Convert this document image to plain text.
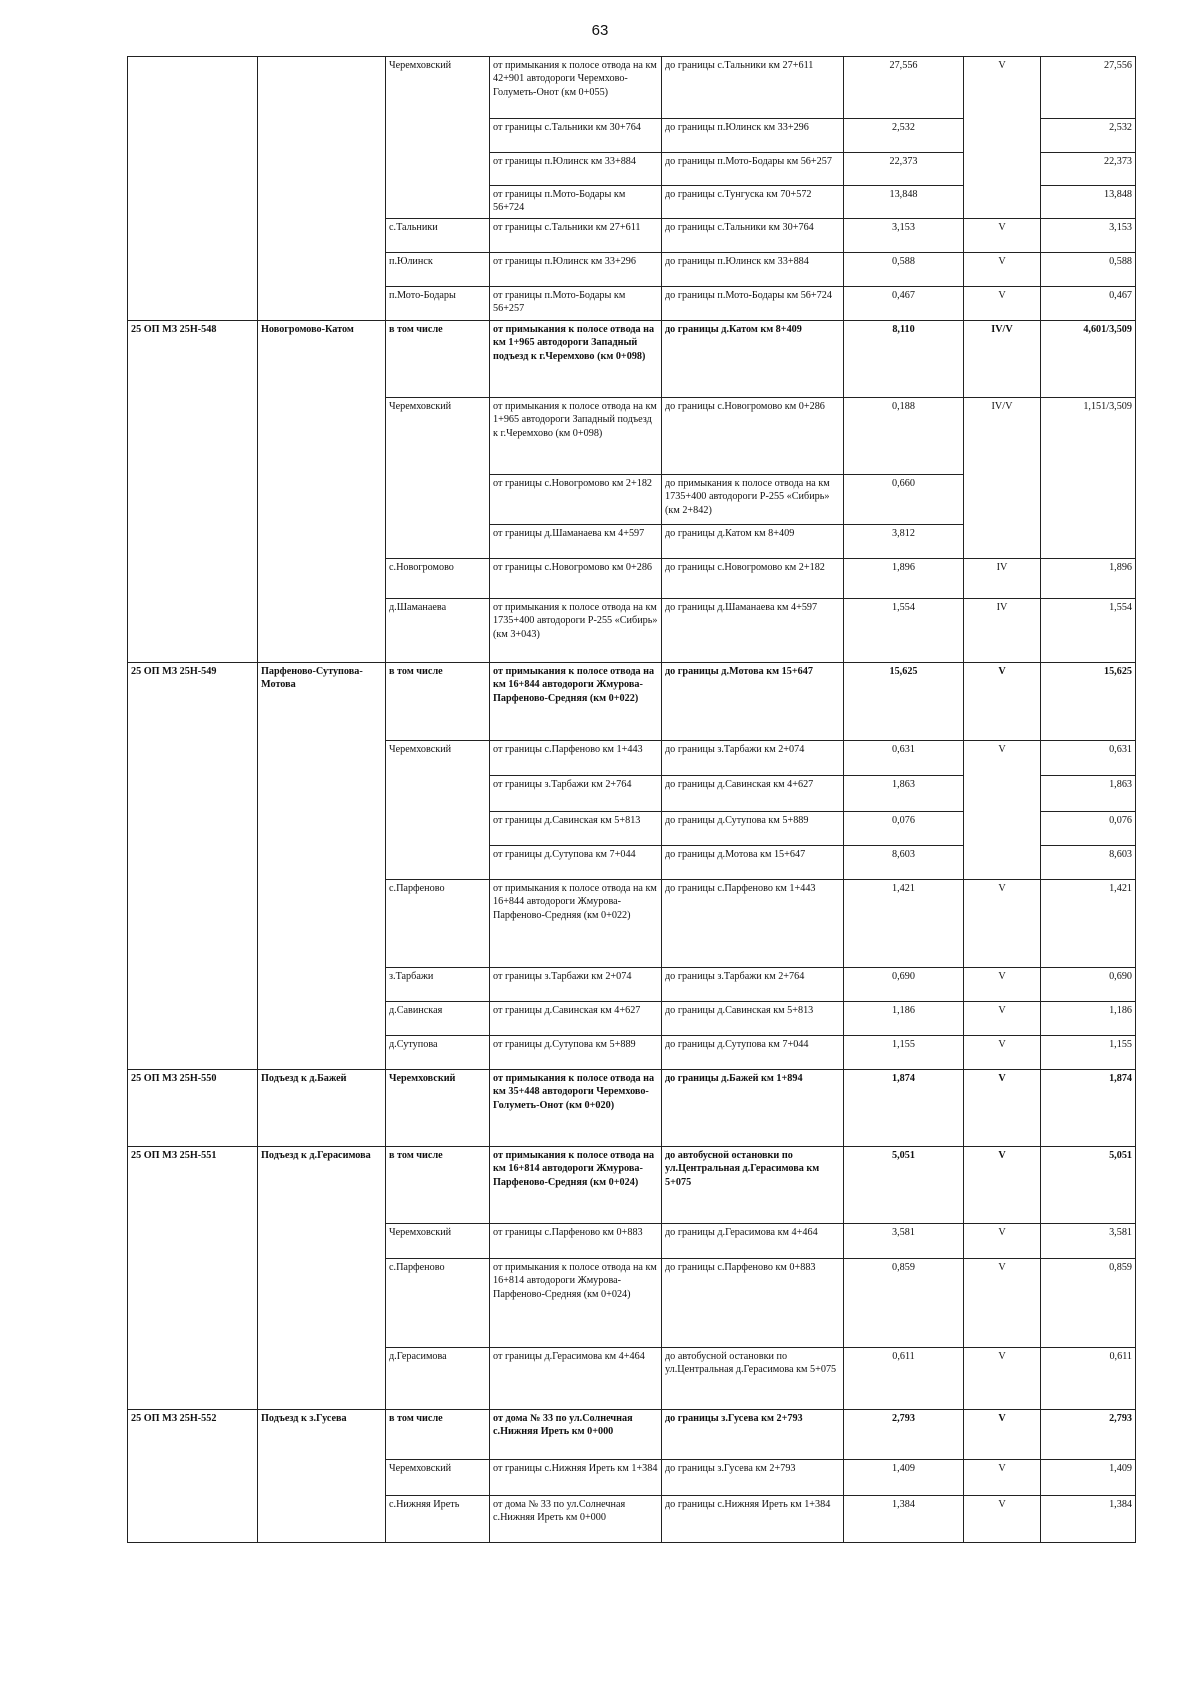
63
		Черемховский	от примыкания к полосе отвода на км 42+901 автодороги Черемхово-Голуметь-Онот (км 0+055)	до границы с.Тальники км 27+611	27,556	V	27,556
			от границы с.Тальники км 30+764	до границы п.Юлинск км 33+296	2,532		2,532
			от границы п.Юлинск км 33+884	до границы п.Мото-Бодары км 56+257	22,373		22,373
			от границы п.Мото-Бодары км 56+724	до границы с.Тунгуска км 70+572	13,848		13,848
		с.Тальники	от границы с.Тальники км 27+611	до границы с.Тальники км 30+764	3,153	V	3,153
		п.Юлинск	от границы п.Юлинск км 33+296	до границы п.Юлинск км 33+884	0,588	V	0,588
		п.Мото-Бодары	от границы п.Мото-Бодары км 56+257	до границы п.Мото-Бодары км 56+724	0,467	V	0,467
25 ОП МЗ 25Н-548	Новогромово-Катом	в том числе	от примыкания к полосе отвода на км 1+965 автодороги Западный подъезд к г.Черемхово (км 0+098)	до границы д.Катом км 8+409	8,110	IV/V	4,601/3,509
		Черемховский	от примыкания к полосе отвода на км 1+965 автодороги Западный подъезд к г.Черемхово (км 0+098)	до границы с.Новогромово км 0+286	0,188	IV/V	1,151/3,509
			от границы с.Новогромово км 2+182	до примыкания к полосе отвода на км 1735+400 автодороги Р-255 «Сибирь» (км 2+842)	0,660		
			от границы д.Шаманаева км 4+597	до границы д.Катом км 8+409	3,812		
		с.Новогромово	от границы с.Новогромово км 0+286	до границы с.Новогромово км 2+182	1,896	IV	1,896
		д.Шаманаева	от примыкания к полосе отвода на км 1735+400 автодороги Р-255 «Сибирь» (км 3+043)	до границы д.Шаманаева км 4+597	1,554	IV	1,554
25 ОП МЗ 25Н-549	Парфеново-Сутупова-Мотова	в том числе	от примыкания к полосе отвода на км 16+844 автодороги Жмурова-Парфеново-Средняя (км 0+022)	до границы д.Мотова км 15+647	15,625	V	15,625
		Черемховский	от границы с.Парфеново км 1+443	до границы з.Тарбажи км 2+074	0,631	V	0,631
			от границы з.Тарбажи км 2+764	до границы д.Савинская км 4+627	1,863		1,863
			от границы д.Савинская км 5+813	до границы д.Сутупова км 5+889	0,076		0,076
			от границы д.Сутупова км 7+044	до границы д.Мотова км 15+647	8,603		8,603
		с.Парфеново	от примыкания к полосе отвода на км 16+844 автодороги Жмурова-Парфеново-Средняя (км 0+022)	до границы с.Парфеново км 1+443	1,421	V	1,421
		з.Тарбажи	от границы з.Тарбажи км 2+074	до границы з.Тарбажи км 2+764	0,690	V	0,690
		д.Савинская	от границы д.Савинская км 4+627	до границы д.Савинская км 5+813	1,186	V	1,186
		д.Сутупова	от границы д.Сутупова км 5+889	до границы д.Сутупова км 7+044	1,155	V	1,155
25 ОП МЗ 25Н-550	Подъезд к д.Бажей	Черемховский	от примыкания к полосе отвода на км 35+448 автодороги Черемхово-Голуметь-Онот (км 0+020)	до границы д.Бажей км 1+894	1,874	V	1,874
25 ОП МЗ 25Н-551	Подъезд к д.Герасимова	в том числе	от примыкания к полосе отвода на км 16+814 автодороги Жмурова-Парфеново-Средняя (км 0+024)	до автобусной остановки по ул.Центральная д.Герасимова км 5+075	5,051	V	5,051
		Черемховский	от границы с.Парфеново км 0+883	до границы д.Герасимова км 4+464	3,581	V	3,581
		с.Парфеново	от примыкания к полосе отвода на км 16+814 автодороги Жмурова-Парфеново-Средняя (км 0+024)	до границы с.Парфеново км 0+883	0,859	V	0,859
		д.Герасимова	от границы д.Герасимова км 4+464	до автобусной остановки по ул.Центральная д.Герасимова км 5+075	0,611	V	0,611
25 ОП МЗ 25Н-552	Подъезд к з.Гусева	в том числе	от дома № 33 по ул.Солнечная с.Нижняя Иреть км 0+000	до границы з.Гусева км 2+793	2,793	V	2,793
		Черемховский	от границы с.Нижняя Иреть км 1+384	до границы з.Гусева км 2+793	1,409	V	1,409
		с.Нижняя Иреть	от дома № 33 по ул.Солнечная с.Нижняя Иреть км 0+000	до границы с.Нижняя Иреть км 1+384	1,384	V	1,384
